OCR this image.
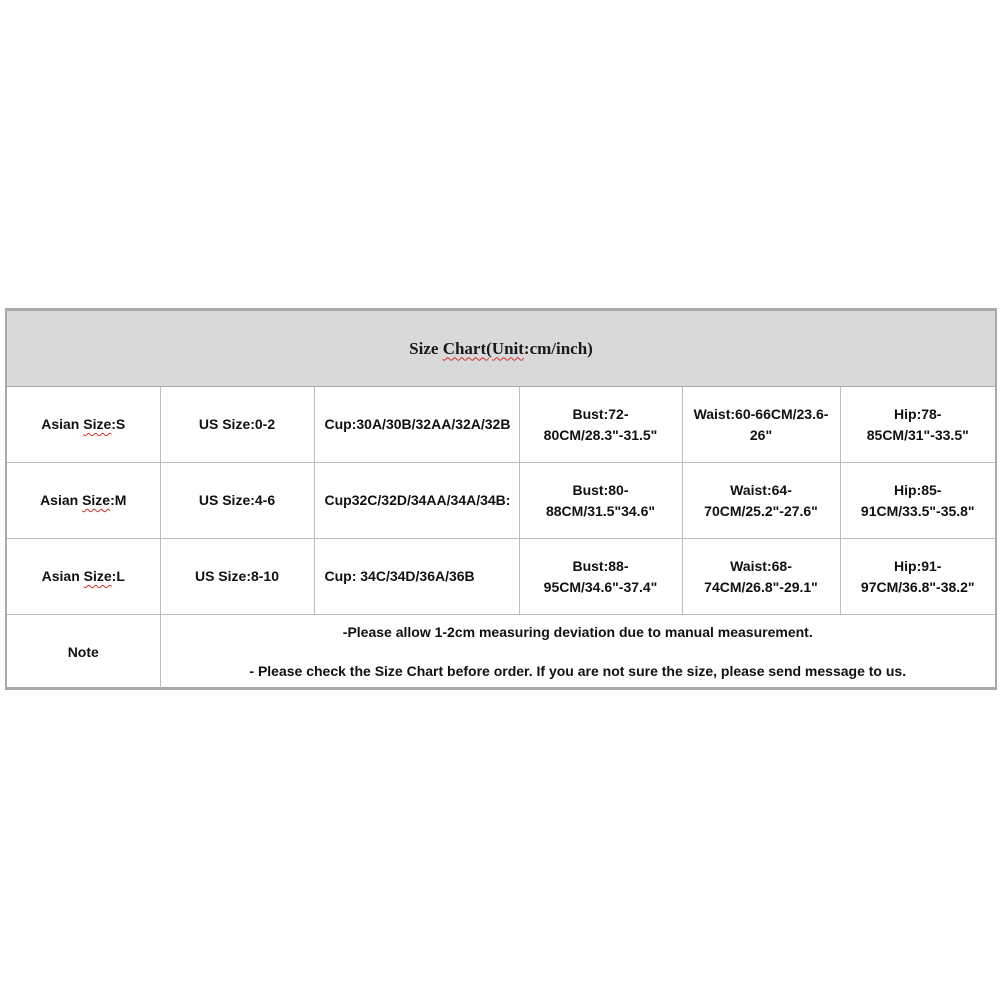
Size Chart(Unit:cm/inch)
Asian Size:S	US Size:0-2	Cup:30A/30B/32AA/32A/32B	Bust:72-80CM/28.3"-31.5"	Waist:60-66CM/23.6-26"	Hip:78-85CM/31"-33.5"
Asian Size:M	US Size:4-6	Cup32C/32D/34AA/34A/34B:	Bust:80-88CM/31.5"34.6"	Waist:64-70CM/25.2"-27.6"	Hip:85-91CM/33.5"-35.8"
Asian Size:L	US Size:8-10	Cup: 34C/34D/36A/36B	Bust:88-95CM/34.6"-37.4"	Waist:68-74CM/26.8"-29.1"	Hip:91-97CM/36.8"-38.2"
Note	-Please allow 1-2cm measuring deviation due to manual measurement.
- Please check the Size Chart before order. If you are not sure the size, please send message to us.				
